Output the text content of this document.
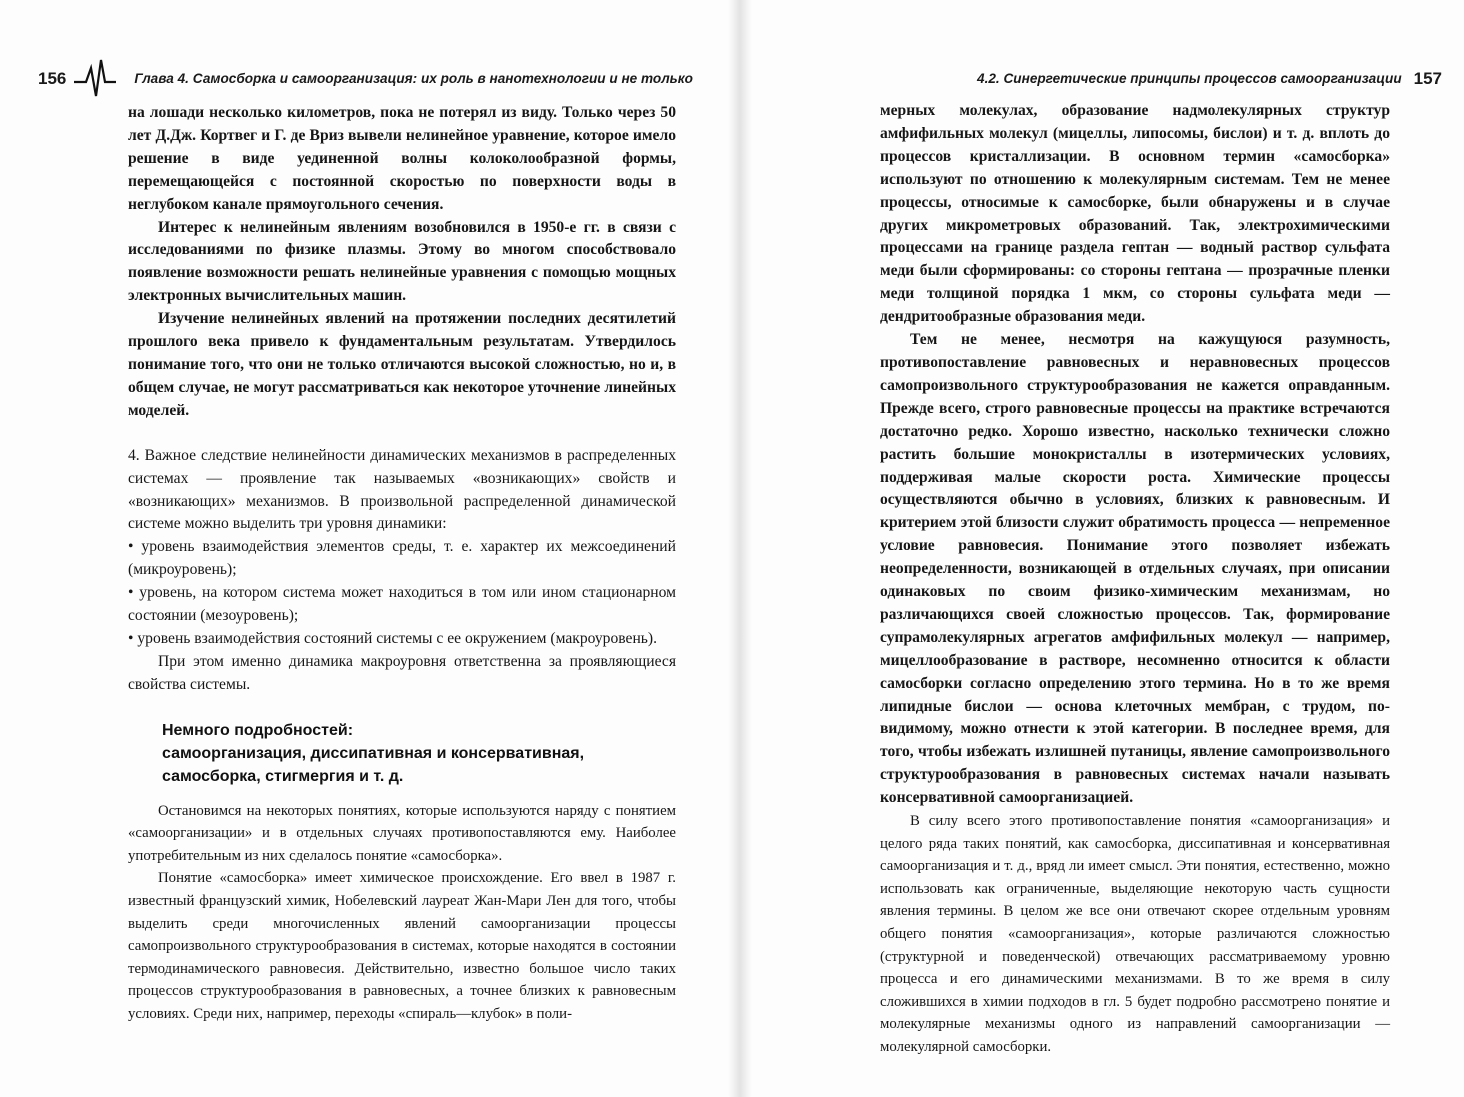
156	Глава 4. Самосборка и самоорганизация: их роль в нанотехнологии и не только

на лошади несколько километров, пока не потерял из виду. Только через 50 лет Д.Дж. Кортвег и Г. де Вриз вывели нелинейное уравнение, которое имело решение в виде уединенной волны колоколообразной формы, перемещающейся с постоянной скоростью по поверхности воды в неглубоком канале прямоугольного сечения.

Интерес к нелинейным явлениям возобновился в 1950-е гг. в связи с исследованиями по физике плазмы. Этому во многом способствовало появление возможности решать нелинейные уравнения с помощью мощных электронных вычислительных машин.

Изучение нелинейных явлений на протяжении последних десятилетий прошлого века привело к фундаментальным результатам. Утвердилось понимание того, что они не только отличаются высокой сложностью, но и, в общем случае, не могут рассматриваться как некоторое уточнение линейных моделей.

4. Важное следствие нелинейности динамических механизмов в распределенных системах — проявление так называемых «возникающих» свойств и «возникающих» механизмов. В произвольной распределенной динамической системе можно выделить три уровня динамики:

• уровень взаимодействия элементов среды, т. е. характер их межсоединений (микроуровень);

• уровень, на котором система может находиться в том или ином стационарном состоянии (мезоуровень);

• уровень взаимодействия состояний системы с ее окружением (макроуровень).

При этом именно динамика макроуровня ответственна за проявляющиеся свойства системы.

Немного подробностей:
самоорганизация, диссипативная и консервативная,
самосборка, стигмергия и т. д.

Остановимся на некоторых понятиях, которые используются наряду с понятием «самоорганизации» и в отдельных случаях противопоставляются ему. Наиболее употребительным из них сделалось понятие «самосборка».

Понятие «самосборка» имеет химическое происхождение. Его ввел в 1987 г. известный французский химик, Нобелевский лауреат Жан-Мари Лен для того, чтобы выделить среди многочисленных явлений самоорганизации процессы самопроизвольного структурообразования в системах, которые находятся в состоянии термодинамического равновесия. Действительно, известно большое число таких процессов структурообразования в равновесных, а точнее близких к равновесным условиях. Среди них, например, переходы «спираль—клубок» в поли-

4.2. Синергетические принципы процессов самоорганизации 157

мерных молекулах, образование надмолекулярных структур амфифильных молекул (мицеллы, липосомы, бислои) и т. д. вплоть до процессов кристаллизации. В основном термин «самосборка» используют по отношению к молекулярным системам. Тем не менее процессы, относимые к самосборке, были обнаружены и в случае других микрометровых образований. Так, электрохимическими процессами на границе раздела гептан — водный раствор сульфата меди были сформированы: со стороны гептана — прозрачные пленки меди толщиной порядка 1 мкм, со стороны сульфата меди — дендритообразные образования меди.

Тем не менее, несмотря на кажущуюся разумность, противопоставление равновесных и неравновесных процессов самопроизвольного структурообразования не кажется оправданным. Прежде всего, строго равновесные процессы на практике встречаются достаточно редко. Хорошо известно, насколько технически сложно растить большие монокристаллы в изотермических условиях, поддерживая малые скорости роста. Химические процессы осуществляются обычно в условиях, близких к равновесным. И критерием этой близости служит обратимость процесса — непременное условие равновесия. Понимание этого позволяет избежать неопределенности, возникающей в отдельных случаях, при описании одинаковых по своим физико-химическим механизмам, но различающихся своей сложностью процессов. Так, формирование супрамолекулярных агрегатов амфифильных молекул — например, мицеллообразование в растворе, несомненно относится к области самосборки согласно определению этого термина. Но в то же время липидные бислои — основа клеточных мембран, с трудом, по-видимому, можно отнести к этой категории. В последнее время, для того, чтобы избежать излишней путаницы, явление самопроизвольного структурообразования в равновесных системах начали называть консервативной самоорганизацией.

В силу всего этого противопоставление понятия «самоорганизация» и целого ряда таких понятий, как самосборка, диссипативная и консервативная самоорганизация и т. д., вряд ли имеет смысл. Эти понятия, естественно, можно использовать как ограниченные, выделяющие некоторую часть сущности явления термины. В целом же все они отвечают скорее отдельным уровням общего понятия «самоорганизация», которые различаются сложностью (структурной и поведенческой) отвечающих рассматриваемому уровню процесса и его динамическими механизмами. В то же время в силу сложившихся в химии подходов в гл. 5 будет подробно рассмотрено понятие и молекулярные механизмы одного из направлений самоорганизации — молекулярной самосборки.
